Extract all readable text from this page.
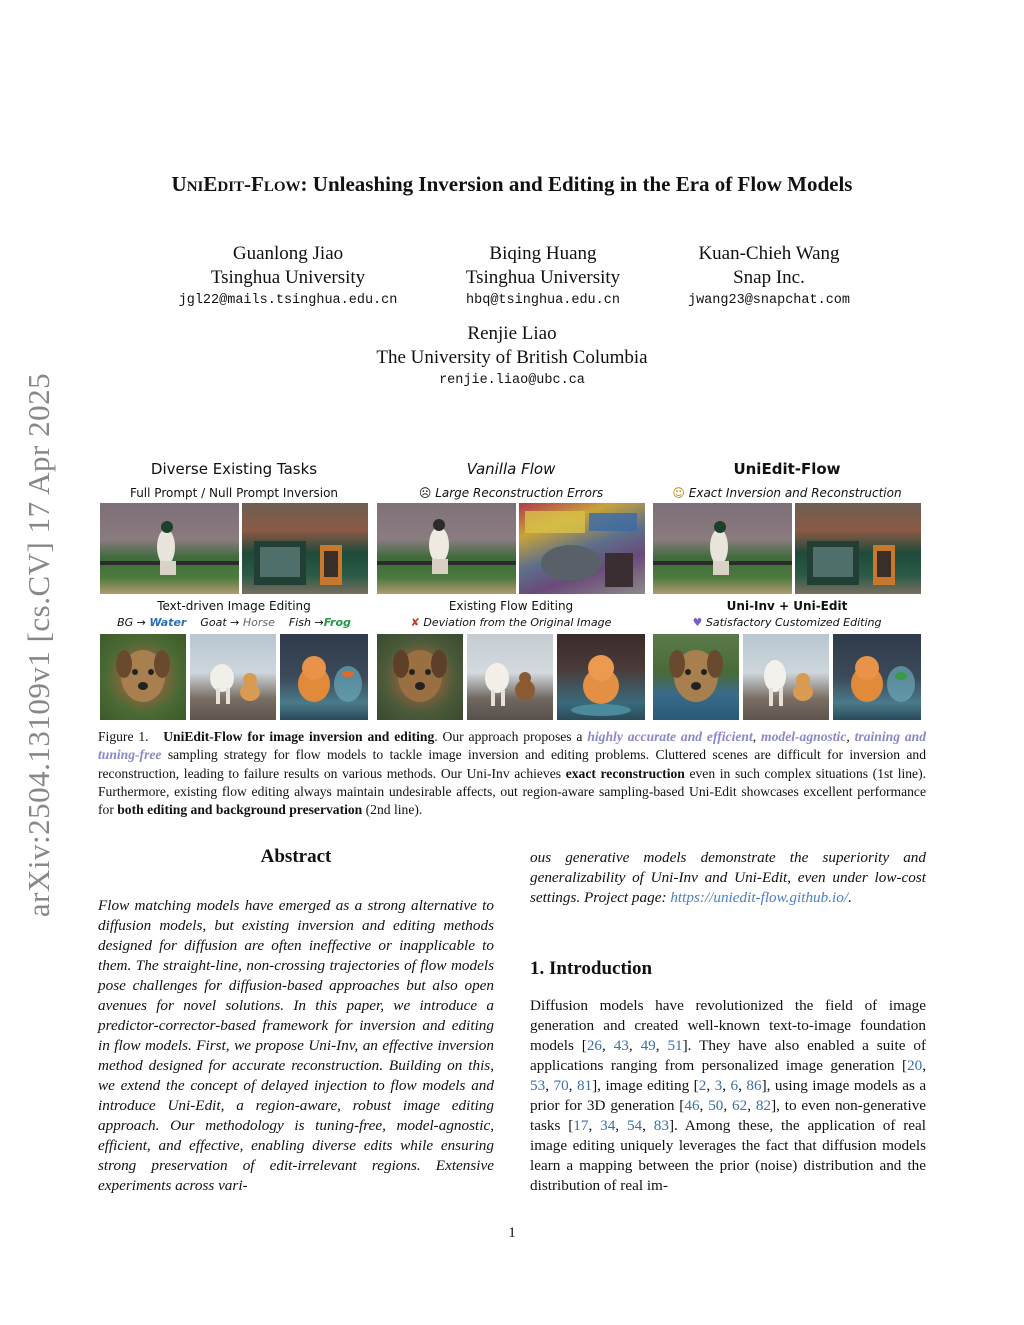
arXiv:2504.13109v1 [cs.CV] 17 Apr 2025
UniEdit-Flow: Unleashing Inversion and Editing in the Era of Flow Models
Guanlong Jiao
Tsinghua University
jgl22@mails.tsinghua.edu.cn
Biqing Huang
Tsinghua University
hbq@tsinghua.edu.cn
Kuan-Chieh Wang
Snap Inc.
jwang23@snapchat.com
Renjie Liao
The University of British Columbia
renjie.liao@ubc.ca
Diverse Existing Tasks
Full Prompt / Null Prompt Inversion
Vanilla Flow
☹ Large Reconstruction Errors
UniEdit-Flow
☺ Exact Inversion and Reconstruction
Text-driven Image Editing
BG → Water Goat → Horse Fish →Frog
Existing Flow Editing
✘ Deviation from the Original Image
Uni-Inv + Uni-Edit
♥ Satisfactory Customized Editing
Figure 1. UniEdit-Flow for image inversion and editing. Our approach proposes a highly accurate and efficient, model-agnostic, training and tuning-free sampling strategy for flow models to tackle image inversion and editing problems. Cluttered scenes are difficult for inversion and reconstruction, leading to failure results on various methods. Our Uni-Inv achieves exact reconstruction even in such complex situations (1st line). Furthermore, existing flow editing always maintain undesirable affects, out region-aware sampling-based Uni-Edit showcases excellent performance for both editing and background preservation (2nd line).
Abstract
Flow matching models have emerged as a strong alternative to diffusion models, but existing inversion and editing methods designed for diffusion are often ineffective or inapplicable to them. The straight-line, non-crossing trajectories of flow models pose challenges for diffusion-based approaches but also open avenues for novel solutions. In this paper, we introduce a predictor-corrector-based framework for inversion and editing in flow models. First, we propose Uni-Inv, an effective inversion method designed for accurate reconstruction. Building on this, we extend the concept of delayed injection to flow models and introduce Uni-Edit, a region-aware, robust image editing approach. Our methodology is tuning-free, model-agnostic, efficient, and effective, enabling diverse edits while ensuring strong preservation of edit-irrelevant regions. Extensive experiments across vari-
ous generative models demonstrate the superiority and generalizability of Uni-Inv and Uni-Edit, even under low-cost settings. Project page: https://uniedit-flow.github.io/.
1. Introduction
Diffusion models have revolutionized the field of image generation and created well-known text-to-image foundation models [26, 43, 49, 51]. They have also enabled a suite of applications ranging from personalized image generation [20, 53, 70, 81], image editing [2, 3, 6, 86], using image models as a prior for 3D generation [46, 50, 62, 82], to even non-generative tasks [17, 34, 54, 83]. Among these, the application of real image editing uniquely leverages the fact that diffusion models learn a mapping between the prior (noise) distribution and the distribution of real im-
1
